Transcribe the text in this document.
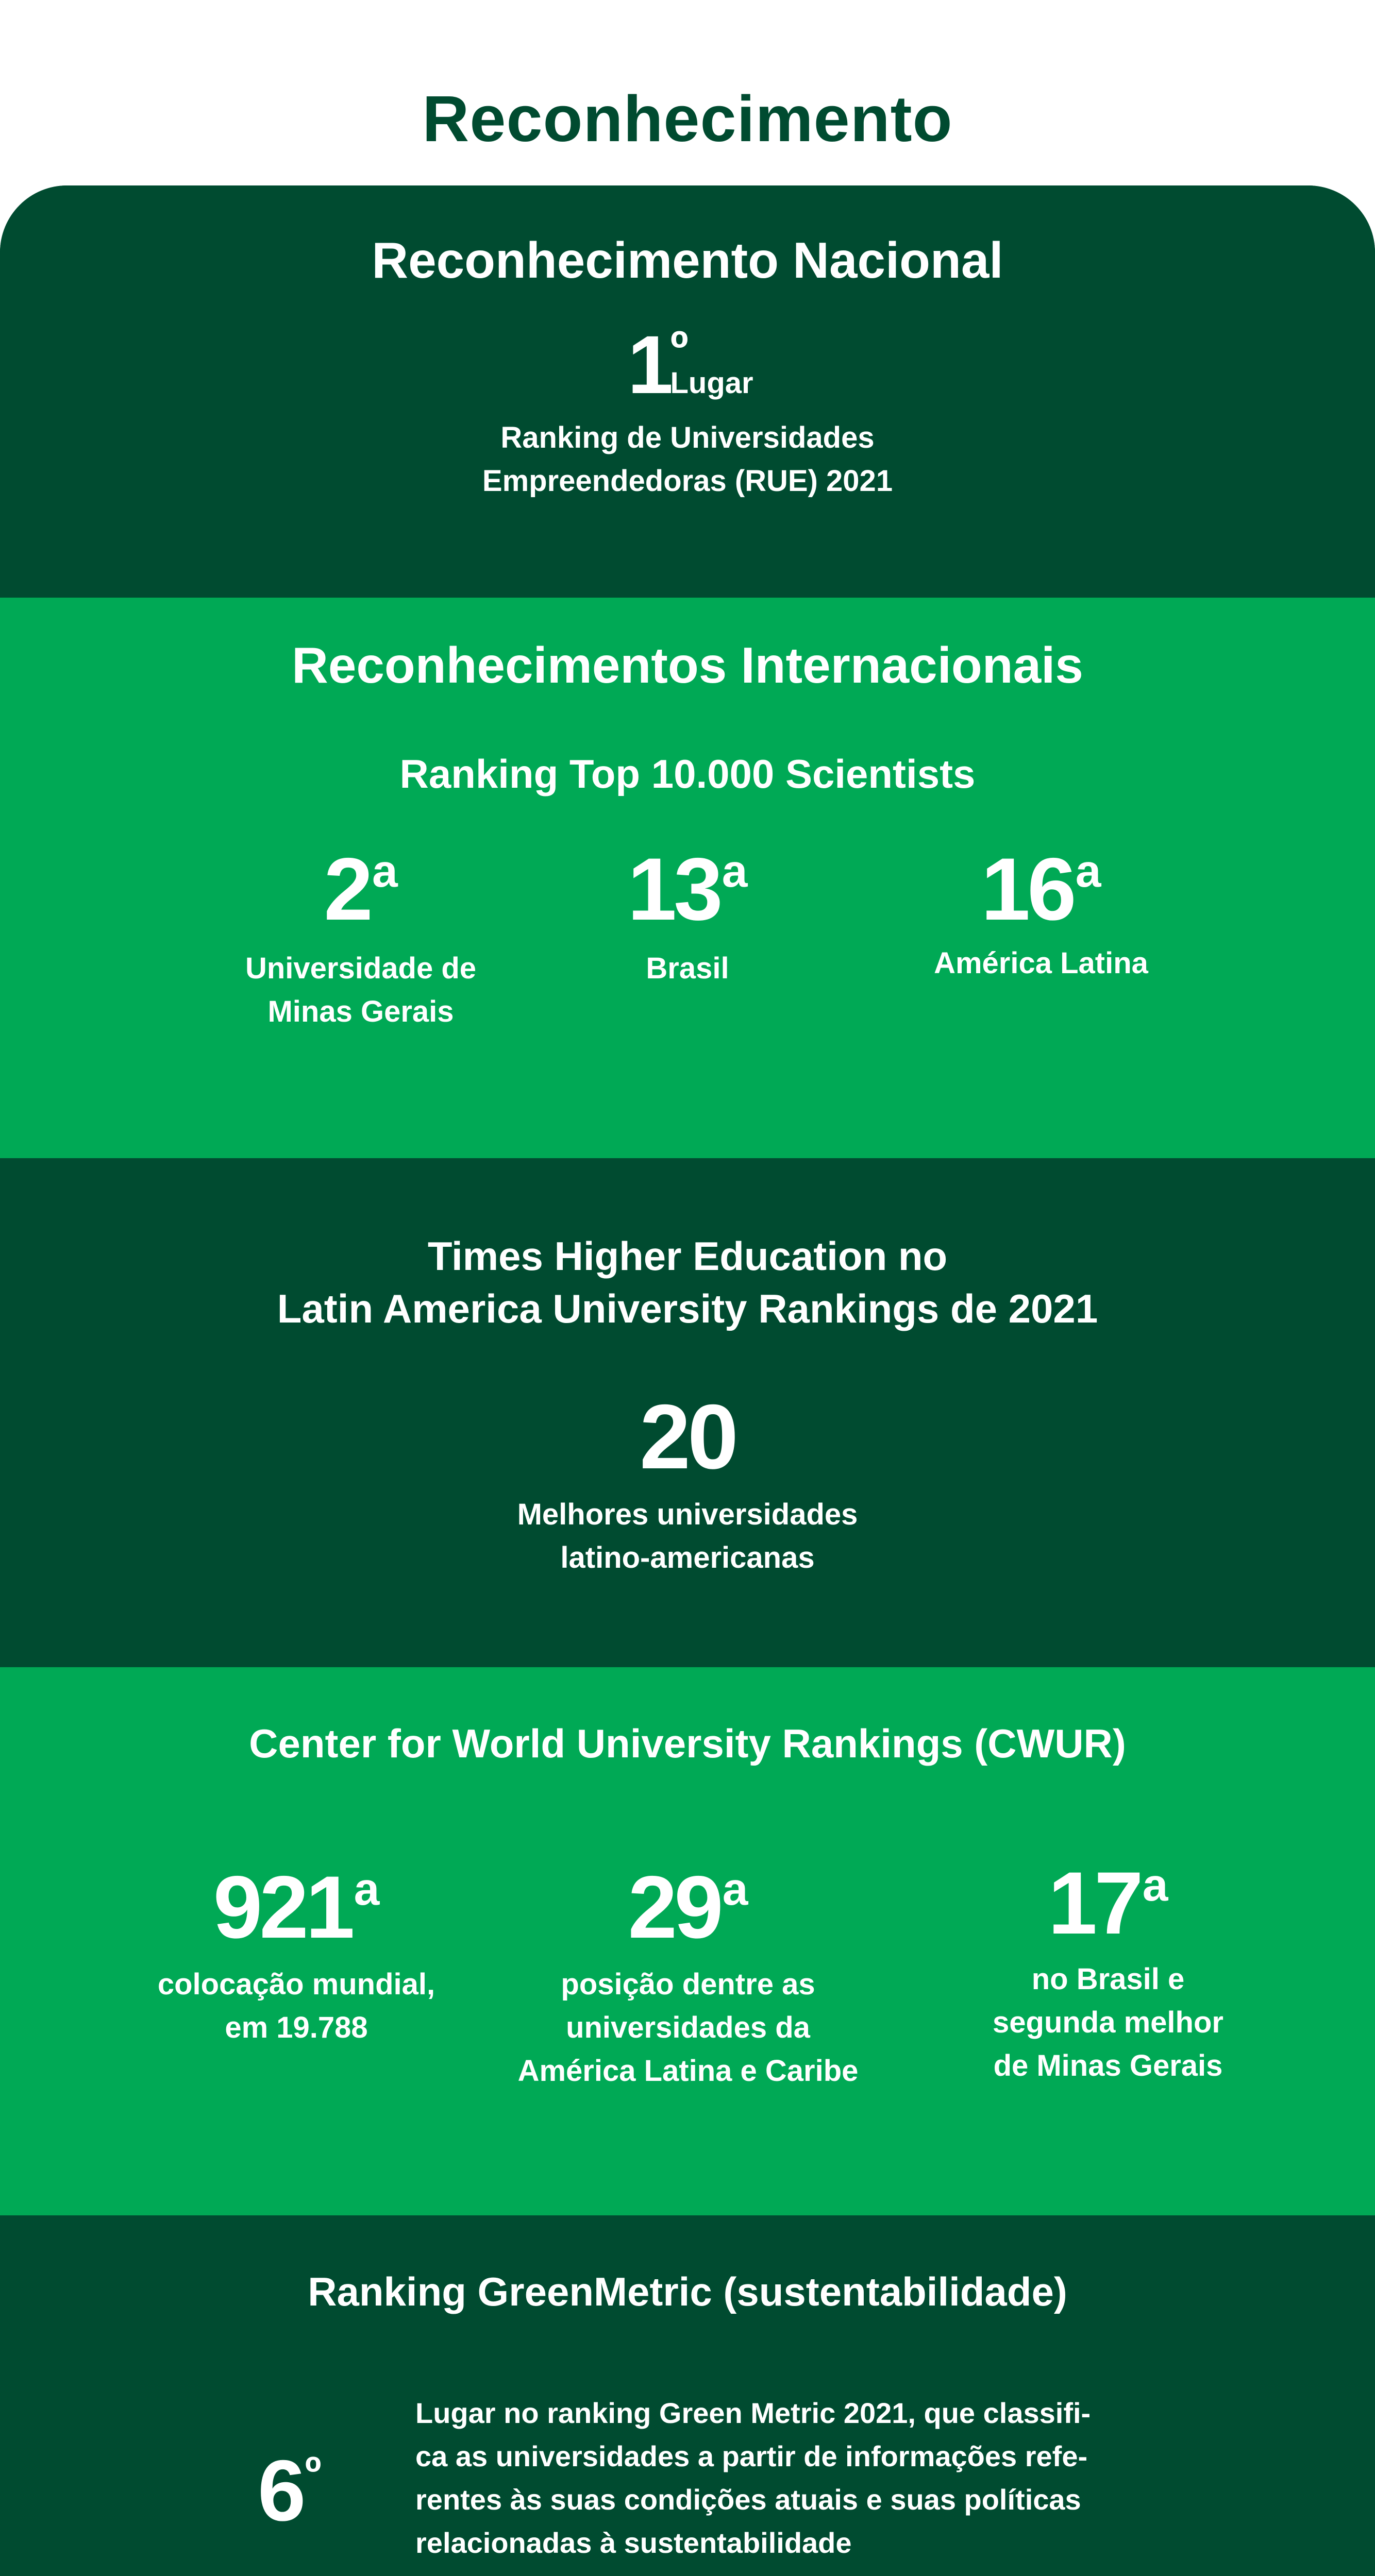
Reconhecimento
Reconhecimento Nacional
1 º
Lugar
Ranking de Universidades
Empreendedoras (RUE) 2021
Reconhecimentos Internacionais
Ranking Top 10.000 Scientists
2$^a$
Universidade de
Minas Gerais
13$^a$
Brasil
16$^a$
América Latina
Times Higher Education no
Latin America University Rankings de 2021
20
Melhores universidades
latino-americanas
Center for World University Rankings (CWUR)
921$^a$
colocação mundial,
em 19.788
29$^a$
posição dentre as
universidades da
América Latina e Caribe
17$^a$
no Brasil e
segunda melhor
de Minas Gerais
Ranking GreenMetric (sustentabilidade)
$6^º$
Lugar no ranking Green Metric 2021, que classifi-
ca as universidades a partir de informações refe-
rentes às suas condições atuais e suas políticas
relacionadas à sustentabilidade
